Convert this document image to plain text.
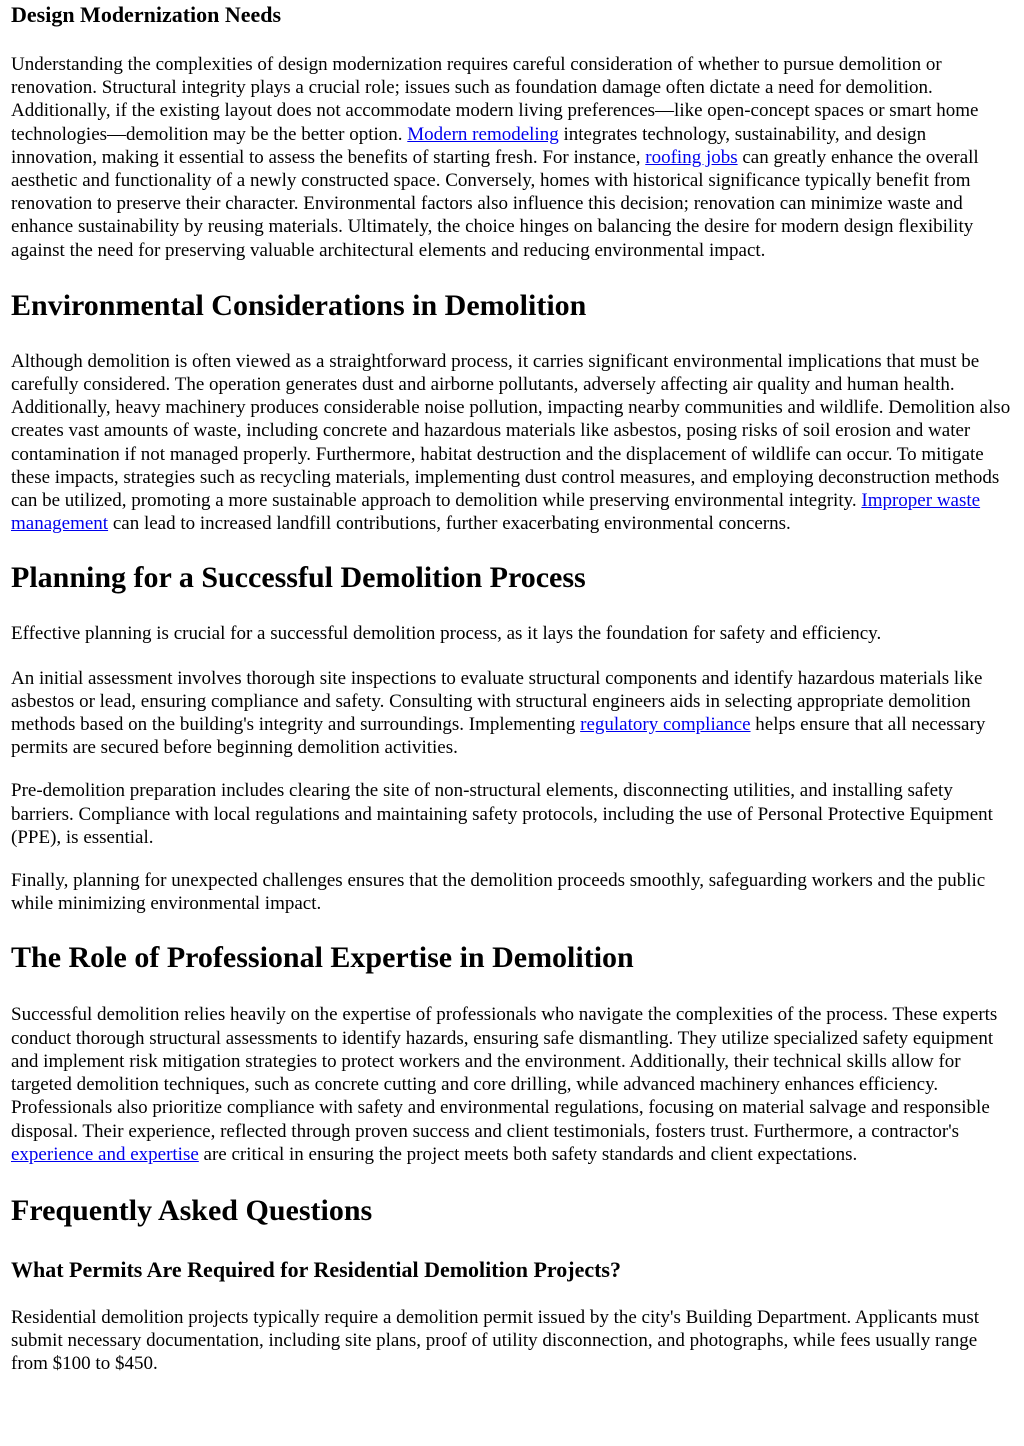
Design Modernization Needs

Understanding the complexities of design modernization requires careful consideration of whether to pursue demolition or renovation. Structural integrity plays a crucial role; issues such as foundation damage often dictate a need for demolition. Additionally, if the existing layout does not accommodate modern living preferences—like open-concept spaces or smart home technologies—demolition may be the better option. Modern remodeling integrates technology, sustainability, and design innovation, making it essential to assess the benefits of starting fresh. For instance, roofing jobs can greatly enhance the overall aesthetic and functionality of a newly constructed space. Conversely, homes with historical significance typically benefit from renovation to preserve their character. Environmental factors also influence this decision; renovation can minimize waste and enhance sustainability by reusing materials. Ultimately, the choice hinges on balancing the desire for modern design flexibility against the need for preserving valuable architectural elements and reducing environmental impact.

Environmental Considerations in Demolition

Although demolition is often viewed as a straightforward process, it carries significant environmental implications that must be carefully considered. The operation generates dust and airborne pollutants, adversely affecting air quality and human health. Additionally, heavy machinery produces considerable noise pollution, impacting nearby communities and wildlife. Demolition also creates vast amounts of waste, including concrete and hazardous materials like asbestos, posing risks of soil erosion and water contamination if not managed properly. Furthermore, habitat destruction and the displacement of wildlife can occur. To mitigate these impacts, strategies such as recycling materials, implementing dust control measures, and employing deconstruction methods can be utilized, promoting a more sustainable approach to demolition while preserving environmental integrity. Improper waste management can lead to increased landfill contributions, further exacerbating environmental concerns.

Planning for a Successful Demolition Process

Effective planning is crucial for a successful demolition process, as it lays the foundation for safety and efficiency.

An initial assessment involves thorough site inspections to evaluate structural components and identify hazardous materials like asbestos or lead, ensuring compliance and safety. Consulting with structural engineers aids in selecting appropriate demolition methods based on the building's integrity and surroundings. Implementing regulatory compliance helps ensure that all necessary permits are secured before beginning demolition activities.

Pre-demolition preparation includes clearing the site of non-structural elements, disconnecting utilities, and installing safety barriers. Compliance with local regulations and maintaining safety protocols, including the use of Personal Protective Equipment (PPE), is essential.

Finally, planning for unexpected challenges ensures that the demolition proceeds smoothly, safeguarding workers and the public while minimizing environmental impact.

The Role of Professional Expertise in Demolition

Successful demolition relies heavily on the expertise of professionals who navigate the complexities of the process. These experts conduct thorough structural assessments to identify hazards, ensuring safe dismantling. They utilize specialized safety equipment and implement risk mitigation strategies to protect workers and the environment. Additionally, their technical skills allow for targeted demolition techniques, such as concrete cutting and core drilling, while advanced machinery enhances efficiency. Professionals also prioritize compliance with safety and environmental regulations, focusing on material salvage and responsible disposal. Their experience, reflected through proven success and client testimonials, fosters trust. Furthermore, a contractor's experience and expertise are critical in ensuring the project meets both safety standards and client expectations.

Frequently Asked Questions
What Permits Are Required for Residential Demolition Projects?

Residential demolition projects typically require a demolition permit issued by the city's Building Department. Applicants must submit necessary documentation, including site plans, proof of utility disconnection, and photographs, while fees usually range from $100 to $450.
